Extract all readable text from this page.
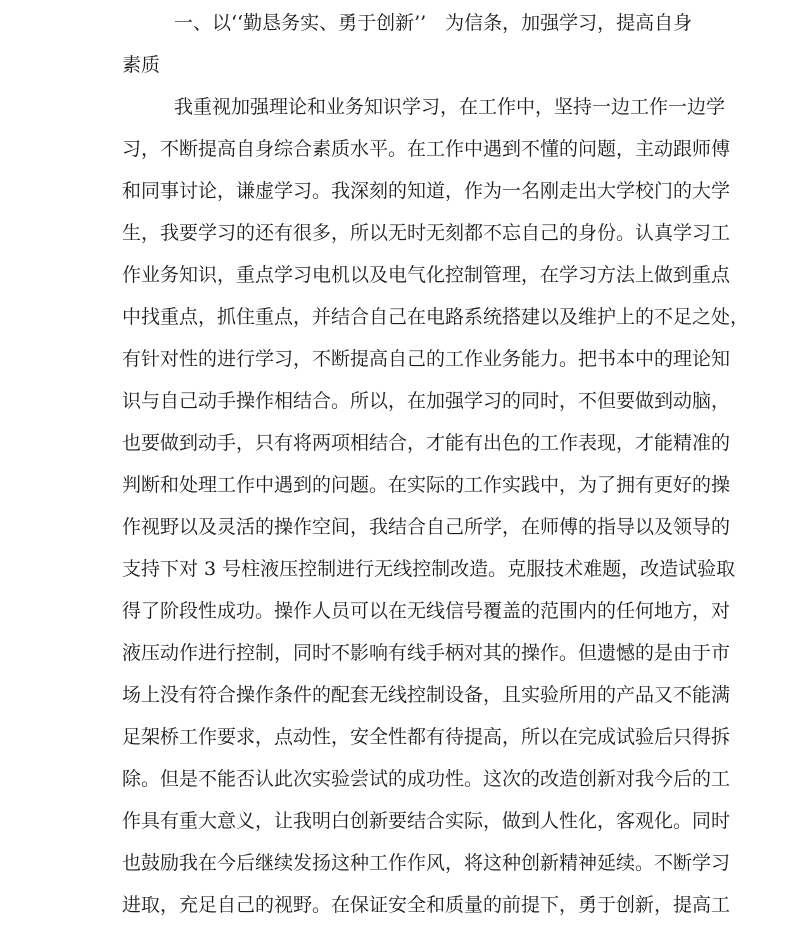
一、以‘‘勤恳务实、勇于创新’’　为信条，加强学习，提高自身
素质
我重视加强理论和业务知识学习，在工作中，坚持一边工作一边学
习，不断提高自身综合素质水平。在工作中遇到不懂的问题，主动跟师傅
和同事讨论，谦虚学习。我深刻的知道，作为一名刚走出大学校门的大学
生，我要学习的还有很多，所以无时无刻都不忘自己的身份。认真学习工
作业务知识，重点学习电机以及电气化控制管理，在学习方法上做到重点
中找重点，抓住重点，并结合自己在电路系统搭建以及维护上的不足之处，
有针对性的进行学习，不断提高自己的工作业务能力。把书本中的理论知
识与自己动手操作相结合。所以，在加强学习的同时，不但要做到动脑，
也要做到动手，只有将两项相结合，才能有出色的工作表现，才能精准的
判断和处理工作中遇到的问题。在实际的工作实践中，为了拥有更好的操
作视野以及灵活的操作空间，我结合自己所学，在师傅的指导以及领导的
支持下对 3 号柱液压控制进行无线控制改造。克服技术难题，改造试验取
得了阶段性成功。操作人员可以在无线信号覆盖的范围内的任何地方，对
液压动作进行控制，同时不影响有线手柄对其的操作。但遗憾的是由于市
场上没有符合操作条件的配套无线控制设备，且实验所用的产品又不能满
足架桥工作要求，点动性，安全性都有待提高，所以在完成试验后只得拆
除。但是不能否认此次实验尝试的成功性。这次的改造创新对我今后的工
作具有重大意义，让我明白创新要结合实际，做到人性化，客观化。同时
也鼓励我在今后继续发扬这种工作作风，将这种创新精神延续。不断学习
进取，充足自己的视野。在保证安全和质量的前提下，勇于创新，提高工
